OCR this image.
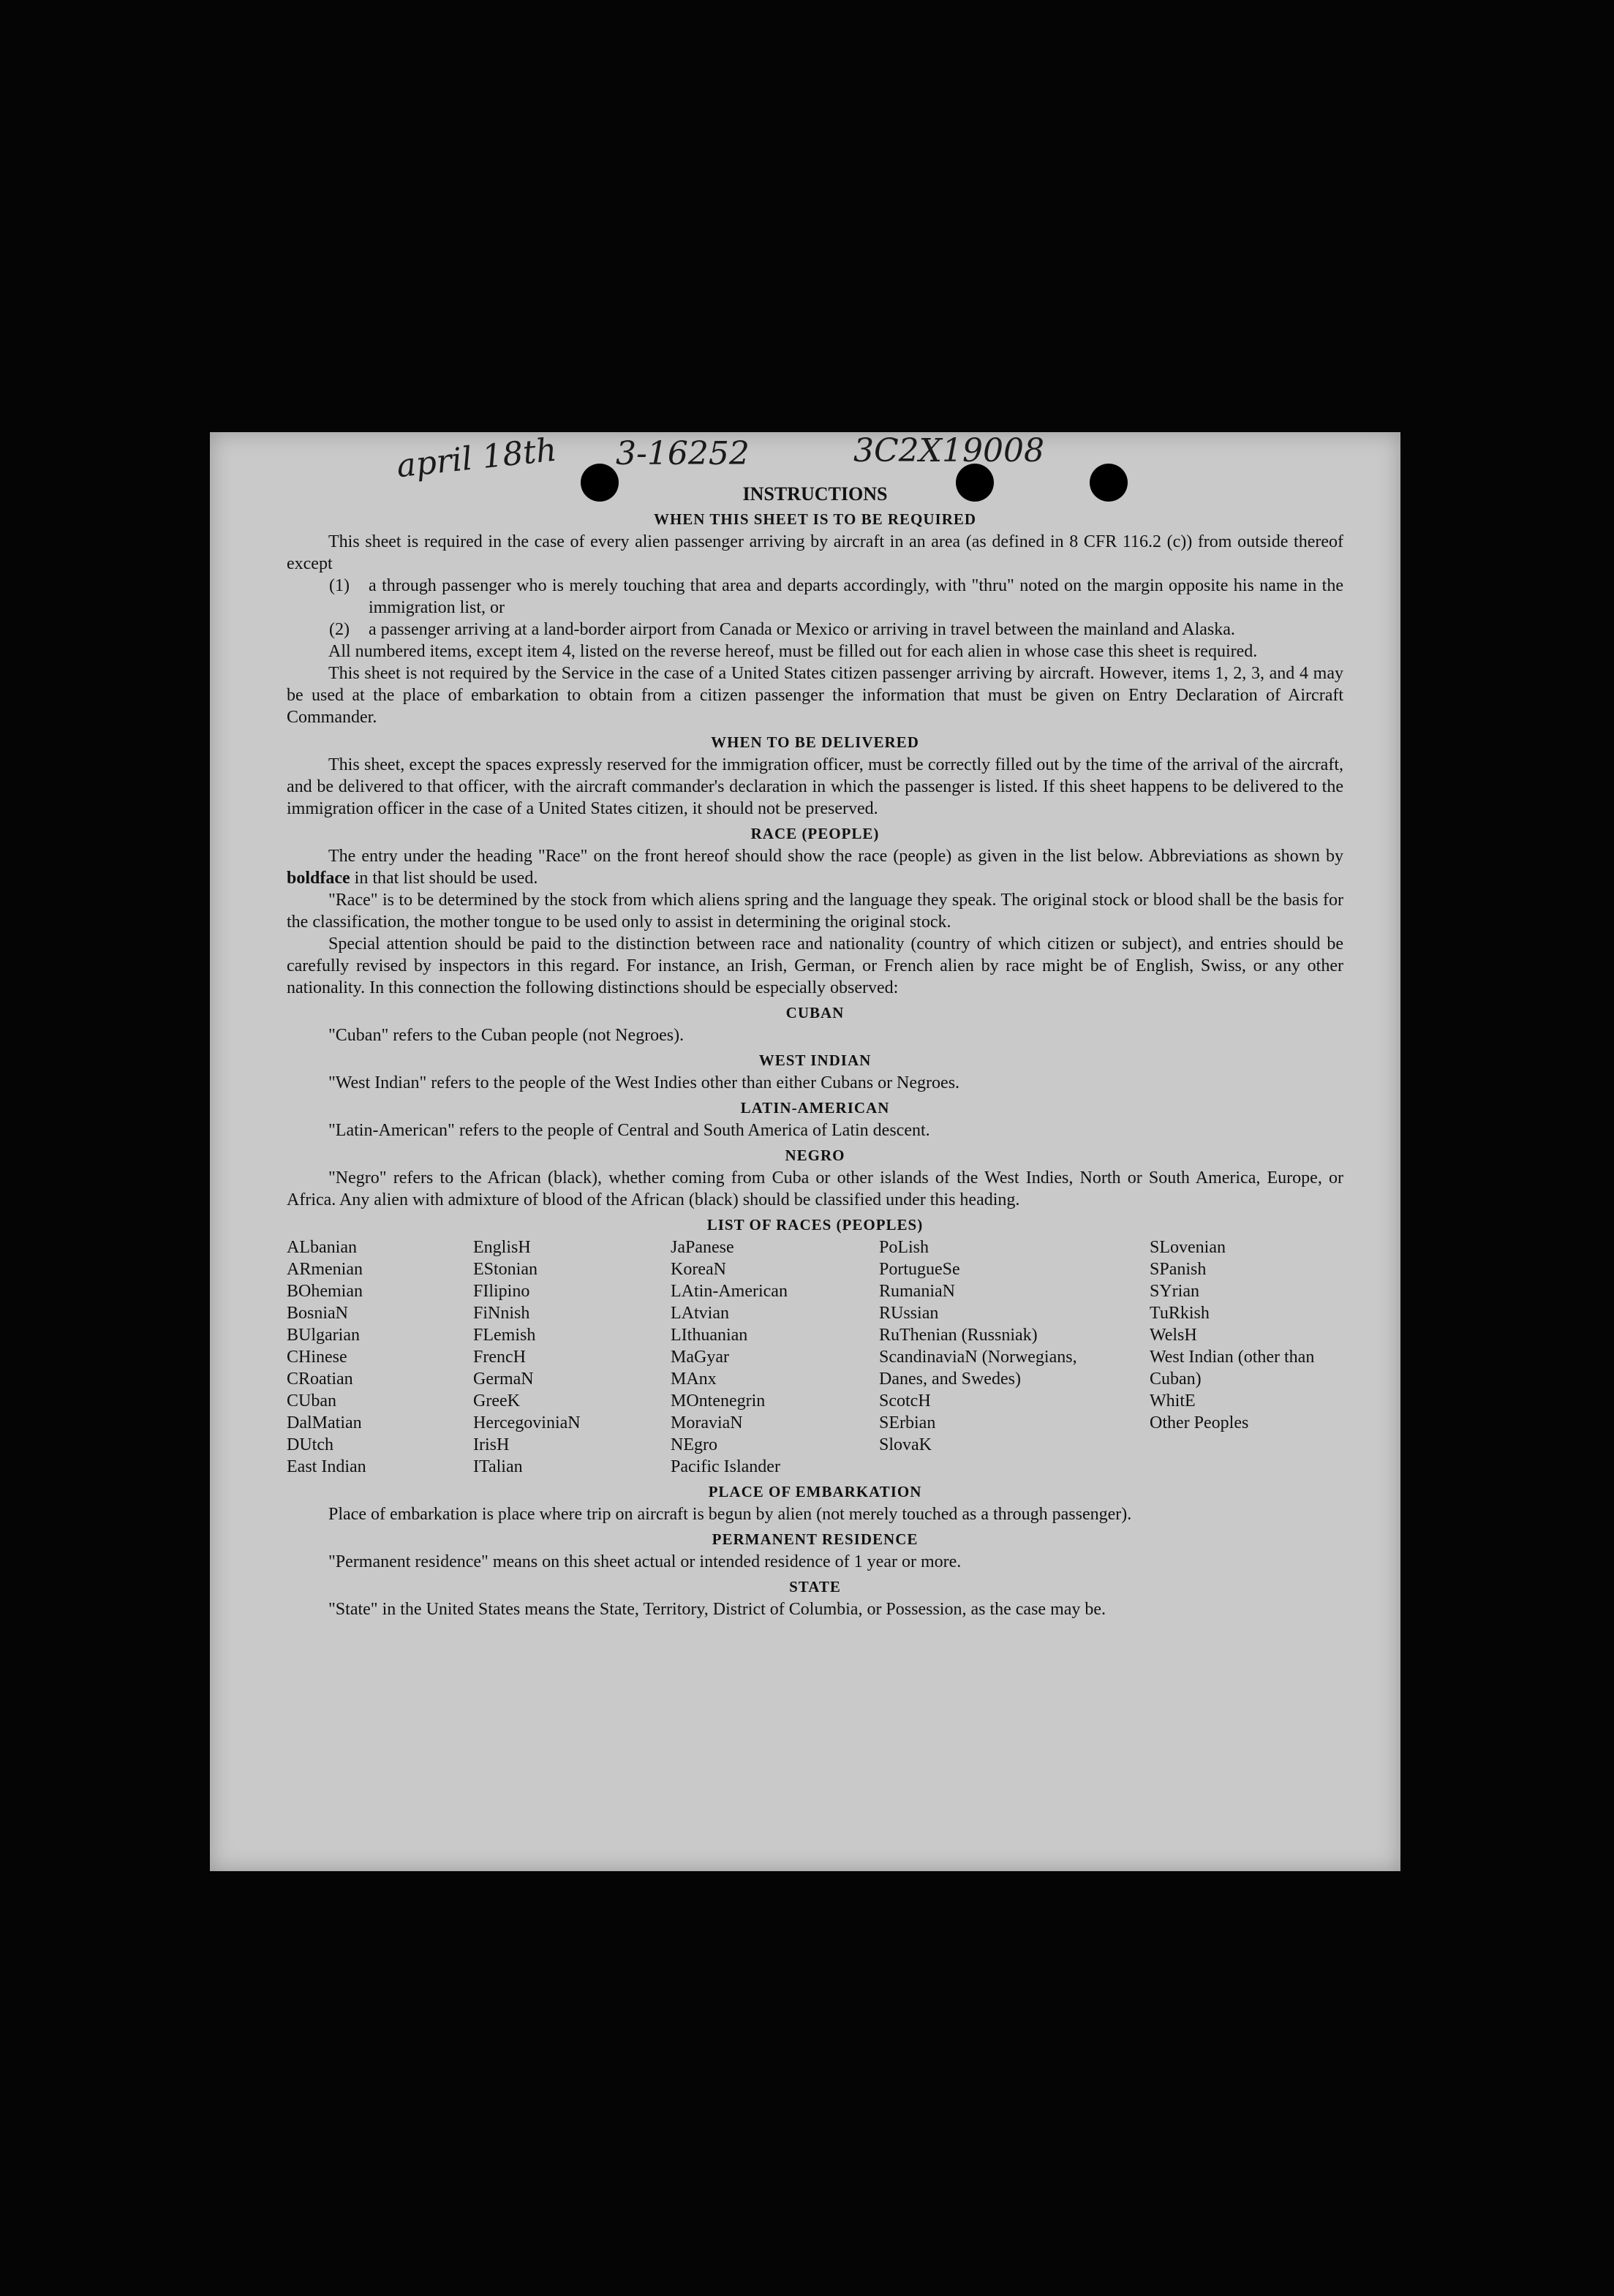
april 18th 3-16252	3C2X19008
INSTRUCTIONS
WHEN THIS SHEET IS TO BE REQUIRED

This sheet is required in the case of every alien passenger arriving by aircraft in an area (as defined in 8 CFR 116.2 (c)) from outside thereof except

(1) a through passenger who is merely touching that area and departs accordingly, with "thru" noted on the margin opposite his name in the immigration list, or

(2) a passenger arriving at a land-border airport from Canada or Mexico or arriving in travel between the mainland and Alaska.

All numbered items, except item 4, listed on the reverse hereof, must be filled out for each alien in whose case this sheet is required.

This sheet is not required by the Service in the case of a United States citizen passenger arriving by aircraft. However, items 1, 2, 3, and 4 may be used at the place of embarkation to obtain from a citizen passenger the information that must be given on Entry Declaration of Aircraft Commander.

WHEN TO BE DELIVERED

This sheet, except the spaces expressly reserved for the immigration officer, must be correctly filled out by the time of the arrival of the aircraft, and be delivered to that officer, with the aircraft commander's declaration in which the passenger is listed. If this sheet happens to be delivered to the immigration officer in the case of a United States citizen, it should not be preserved.

RACE (PEOPLE)

The entry under the heading "Race" on the front hereof should show the race (people) as given in the list below. Abbreviations as shown by boldface in that list should be used.

"Race" is to be determined by the stock from which aliens spring and the language they speak. The original stock or blood shall be the basis for the classification, the mother tongue to be used only to assist in determining the original stock.

Special attention should be paid to the distinction between race and nationality (country of which citizen or subject), and entries should be carefully revised by inspectors in this regard. For instance, an Irish, German, or French alien by race might be of English, Swiss, or any other nationality. In this connection the following distinctions should be especially observed:

CUBAN

"Cuban" refers to the Cuban people (not Negroes).

WEST INDIAN

"West Indian" refers to the people of the West Indies other than either Cubans or Negroes.

LATIN-AMERICAN

"Latin-American" refers to the people of Central and South America of Latin descent.

NEGRO

"Negro" refers to the African (black), whether coming from Cuba or other islands of the West Indies, North or South America, Europe, or Africa. Any alien with admixture of blood of the African (black) should be classified under this heading.

LIST OF RACES (PEOPLES)
ALbanian
ARmenian
BOhemian
BosniaN
BUlgarian
CHinese
CRoatian
CUban
DalMatian
DUtch
East Indian
EnglisH
EStonian
FIlipino
FiNnish
FLemish
FrencH
GermaN
GreeK
HercegoviniaN
IrisH
ITalian
JaPanese
KoreaN
LAtin-American
LAtvian
LIthuanian
MaGyar
MAnx
MOntenegrin
MoraviaN
NEgro
Pacific Islander
PoLish
PortugueSe
RumaniaN
RUssian
RuThenian (Russniak)
ScandinaviaN (Norwegians, Danes, and Swedes)
ScotcH
SErbian
SlovaK
SLovenian
SPanish
SYrian
TuRkish
WelsH
West Indian (other than Cuban)
WhitE
Other Peoples
PLACE OF EMBARKATION

Place of embarkation is place where trip on aircraft is begun by alien (not merely touched as a through passenger).

PERMANENT RESIDENCE

"Permanent residence" means on this sheet actual or intended residence of 1 year or more.

STATE

"State" in the United States means the State, Territory, District of Columbia, or Possession, as the case may be.
